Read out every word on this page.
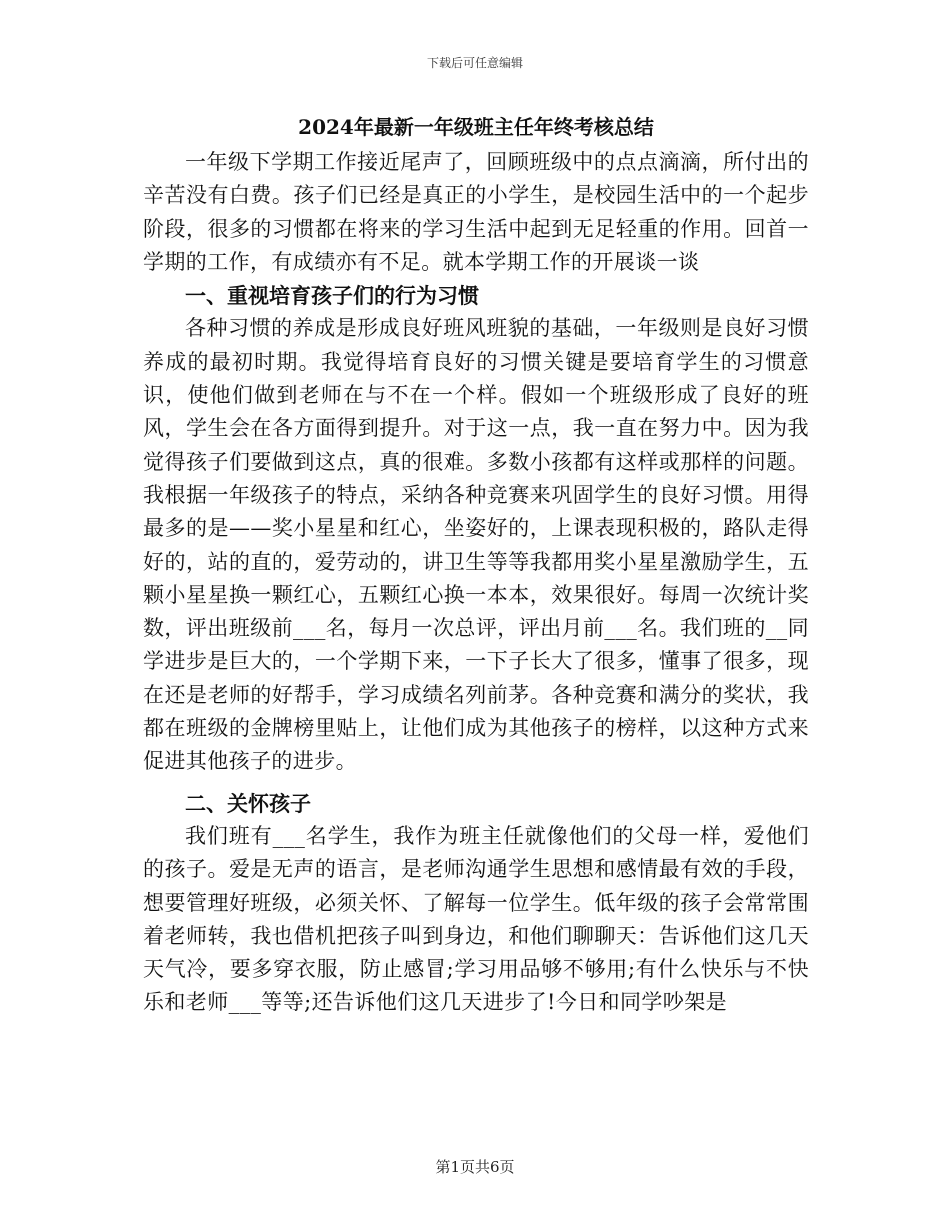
下载后可任意编辑
2024年最新一年级班主任年终考核总结

一年级下学期工作接近尾声了，回顾班级中的点点滴滴，所付出的辛苦没有白费。孩子们已经是真正的小学生，是校园生活中的一个起步阶段，很多的习惯都在将来的学习生活中起到无足轻重的作用。回首一学期的工作，有成绩亦有不足。就本学期工作的开展谈一谈

一、重视培育孩子们的行为习惯

各种习惯的养成是形成良好班风班貌的基础，一年级则是良好习惯养成的最初时期。我觉得培育良好的习惯关键是要培育学生的习惯意识，使他们做到老师在与不在一个样。假如一个班级形成了良好的班风，学生会在各方面得到提升。对于这一点，我一直在努力中。因为我觉得孩子们要做到这点，真的很难。多数小孩都有这样或那样的问题。我根据一年级孩子的特点，采纳各种竞赛来巩固学生的良好习惯。用得最多的是——奖小星星和红心，坐姿好的，上课表现积极的，路队走得好的，站的直的，爱劳动的，讲卫生等等我都用奖小星星激励学生，五颗小星星换一颗红心，五颗红心换一本本，效果很好。每周一次统计奖数，评出班级前___名，每月一次总评，评出月前___名。我们班的__同学进步是巨大的，一个学期下来，一下子长大了很多，懂事了很多，现在还是老师的好帮手，学习成绩名列前茅。各种竞赛和满分的奖状，我都在班级的金牌榜里贴上，让他们成为其他孩子的榜样，以这种方式来促进其他孩子的进步。

二、关怀孩子

我们班有___名学生，我作为班主任就像他们的父母一样，爱他们的孩子。爱是无声的语言，是老师沟通学生思想和感情最有效的手段，想要管理好班级，必须关怀、了解每一位学生。低年级的孩子会常常围着老师转，我也借机把孩子叫到身边，和他们聊聊天：告诉他们这几天天气冷，要多穿衣服，防止感冒;学习用品够不够用;有什么快乐与不快乐和老师___等等;还告诉他们这几天进步了!今日和同学吵架是

第1页共6页
